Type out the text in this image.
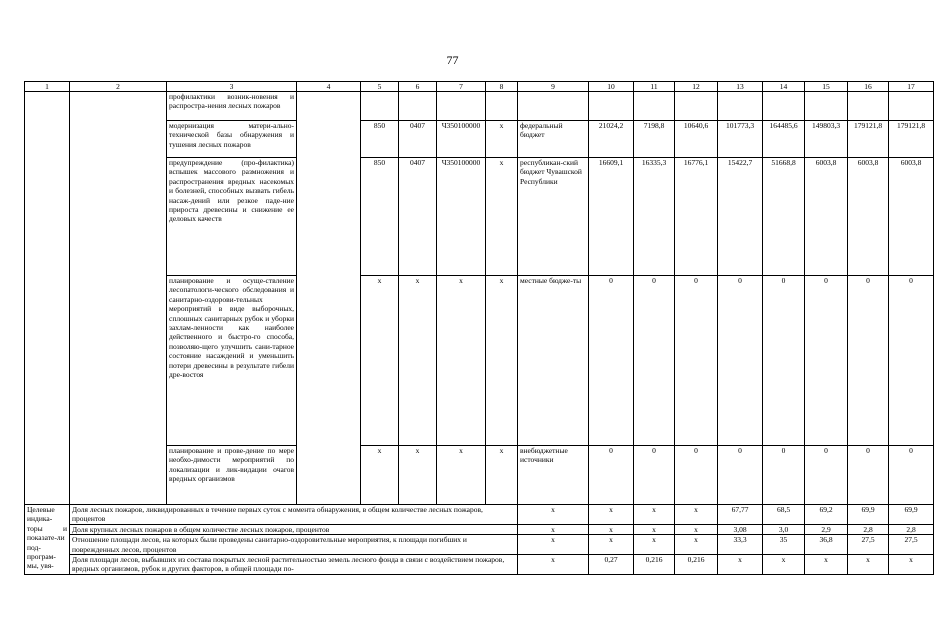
77
1	2	3	4	5	6	7	8	9	10	11	12	13	14	15	16	17
		профилактики возник-новения и распростра-нения лесных пожаров														
		модернизация матери-ально-технической базы обнаружения и тушения лесных пожаров		850	0407	Ч350100000	х	федеральный бюджет	21024,2	7198,8	10640,6	101773,3	164485,6	149803,3	179121,8	179121,8
		предупреждение (про-филактика) вспышек массового размножения и распространения вредных насекомых и болезней, способных вызвать гибель насаж-дений или резкое паде-ние прироста древесины и снижение ее деловых качеств		850	0407	Ч350100000	х	республикан-ский бюджет Чувашской Республики	16609,1	16335,3	16776,1	15422,7	51668,8	6003,8	6003,8	6003,8
		планирование и осуще-ствление лесопатологи-ческого обследования и санитарно-оздорови-тельных мероприятий в виде выборочных, сплошных санитарных рубок и уборки захлам-ленности как наиболее действенного и быстро-го способа, позволяю-щего улучшить сани-тарное состояние насаждений и уменьшить потери древесины в результате гибели дре-востоя		х	х	х	х	местные бюдже-ты	0	0	0	0	0	0	0	0
		планирование и прове-дение по мере необхо-димости мероприятий по локализации и лик-видации очагов вредных организмов		х	х	х	х	внебюджетные источники	0	0	0	0	0	0	0	0
Целевые индика-торы и показате-ли под-програм-мы, увя-	Доля лесных пожаров, ликвидированных в течение первых суток с момента обнаружения, в общем количестве лесных пожаров, процентов							х	х	х	х	67,77	68,5	69,2	69,9	69,9
	Доля крупных лесных пожаров в общем количестве лесных пожаров, процентов							х	х	х	х	3,08	3,0	2,9	2,8	2,8
	Отношение площади лесов, на которых были проведены санитарно-оздоровительные мероприятия, к площади погибших и поврежденных лесов, процентов							х	х	х	х	33,3	35	36,8	27,5	27,5
	Доля площади лесов, выбывших из состава покрытых лесной растительностью земель лесного фонда в связи с воздействием пожаров, вредных организмов, рубок и других факторов, в общей площади по-							х	0,27	0,216	0,216	х	х	х	х	х
